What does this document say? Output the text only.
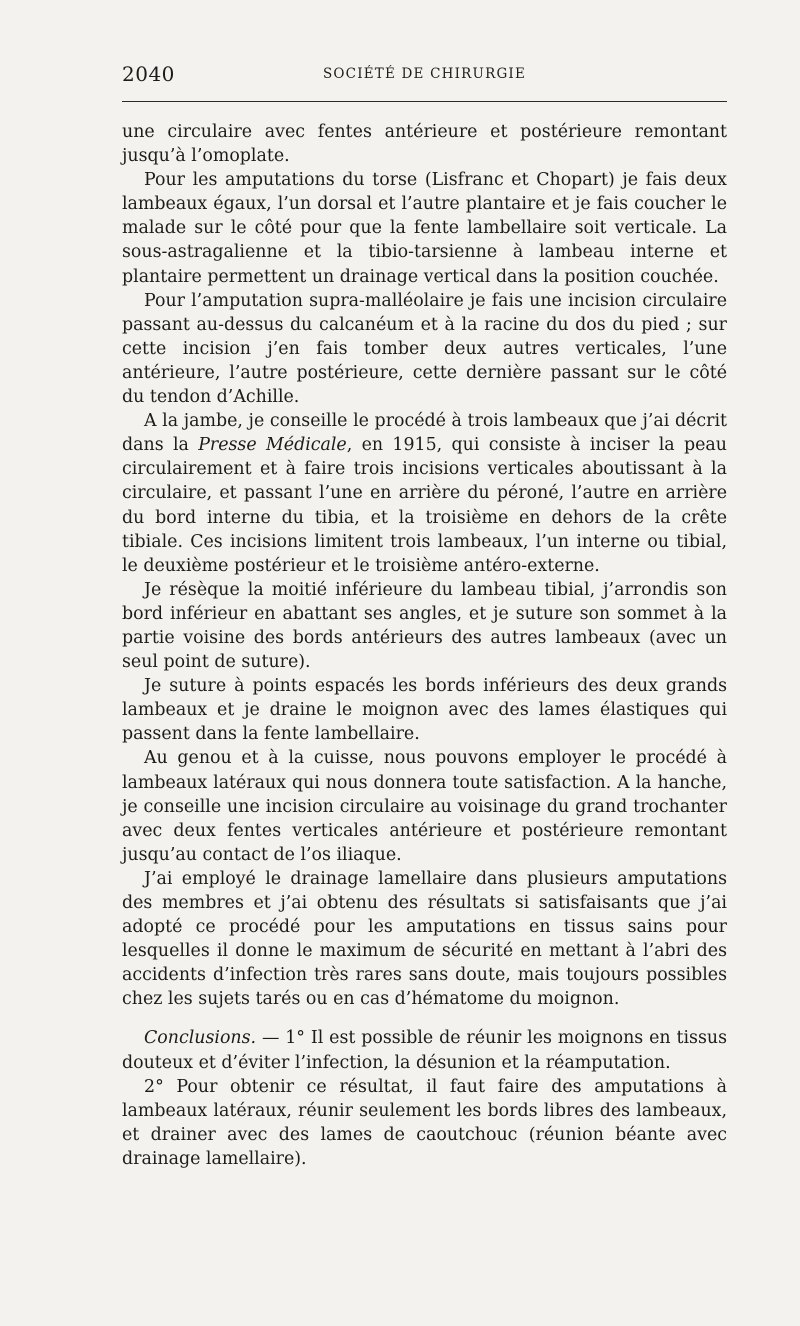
2040	SOCIÉTÉ DE CHIRURGIE

une circulaire avec fentes antérieure et postérieure remontant jusqu’à l’omoplate.

Pour les amputations du torse (Lisfranc et Chopart) je fais deux lambeaux égaux, l’un dorsal et l’autre plantaire et je fais coucher le malade sur le côté pour que la fente lambellaire soit verticale. La sous-astragalienne et la tibio-tarsienne à lambeau interne et plantaire permettent un drainage vertical dans la position couchée.

Pour l’amputation supra-malléolaire je fais une incision circulaire passant au-dessus du calcanéum et à la racine du dos du pied ; sur cette incision j’en fais tomber deux autres verticales, l’une antérieure, l’autre postérieure, cette dernière passant sur le côté du tendon d’Achille.

A la jambe, je conseille le procédé à trois lambeaux que j’ai décrit dans la Presse Médicale, en 1915, qui consiste à inciser la peau circulairement et à faire trois incisions verticales aboutissant à la circulaire, et passant l’une en arrière du péroné, l’autre en arrière du bord interne du tibia, et la troisième en dehors de la crête tibiale. Ces incisions limitent trois lambeaux, l’un interne ou tibial, le deuxième postérieur et le troisième antéro-externe.

Je résèque la moitié inférieure du lambeau tibial, j’arrondis son bord inférieur en abattant ses angles, et je suture son sommet à la partie voisine des bords antérieurs des autres lambeaux (avec un seul point de suture).

Je suture à points espacés les bords inférieurs des deux grands lambeaux et je draine le moignon avec des lames élastiques qui passent dans la fente lambellaire.

Au genou et à la cuisse, nous pouvons employer le procédé à lambeaux latéraux qui nous donnera toute satisfaction. A la hanche, je conseille une incision circulaire au voisinage du grand trochanter avec deux fentes verticales antérieure et postérieure remontant jusqu’au contact de l’os iliaque.

J’ai employé le drainage lamellaire dans plusieurs amputations des membres et j’ai obtenu des résultats si satisfaisants que j’ai adopté ce procédé pour les amputations en tissus sains pour lesquelles il donne le maximum de sécurité en mettant à l’abri des accidents d’infection très rares sans doute, mais toujours possibles chez les sujets tarés ou en cas d’hématome du moignon.

Conclusions. — 1° Il est possible de réunir les moignons en tissus douteux et d’éviter l’infection, la désunion et la réamputation.

2° Pour obtenir ce résultat, il faut faire des amputations à lambeaux latéraux, réunir seulement les bords libres des lambeaux, et drainer avec des lames de caoutchouc (réunion béante avec drainage lamellaire).
